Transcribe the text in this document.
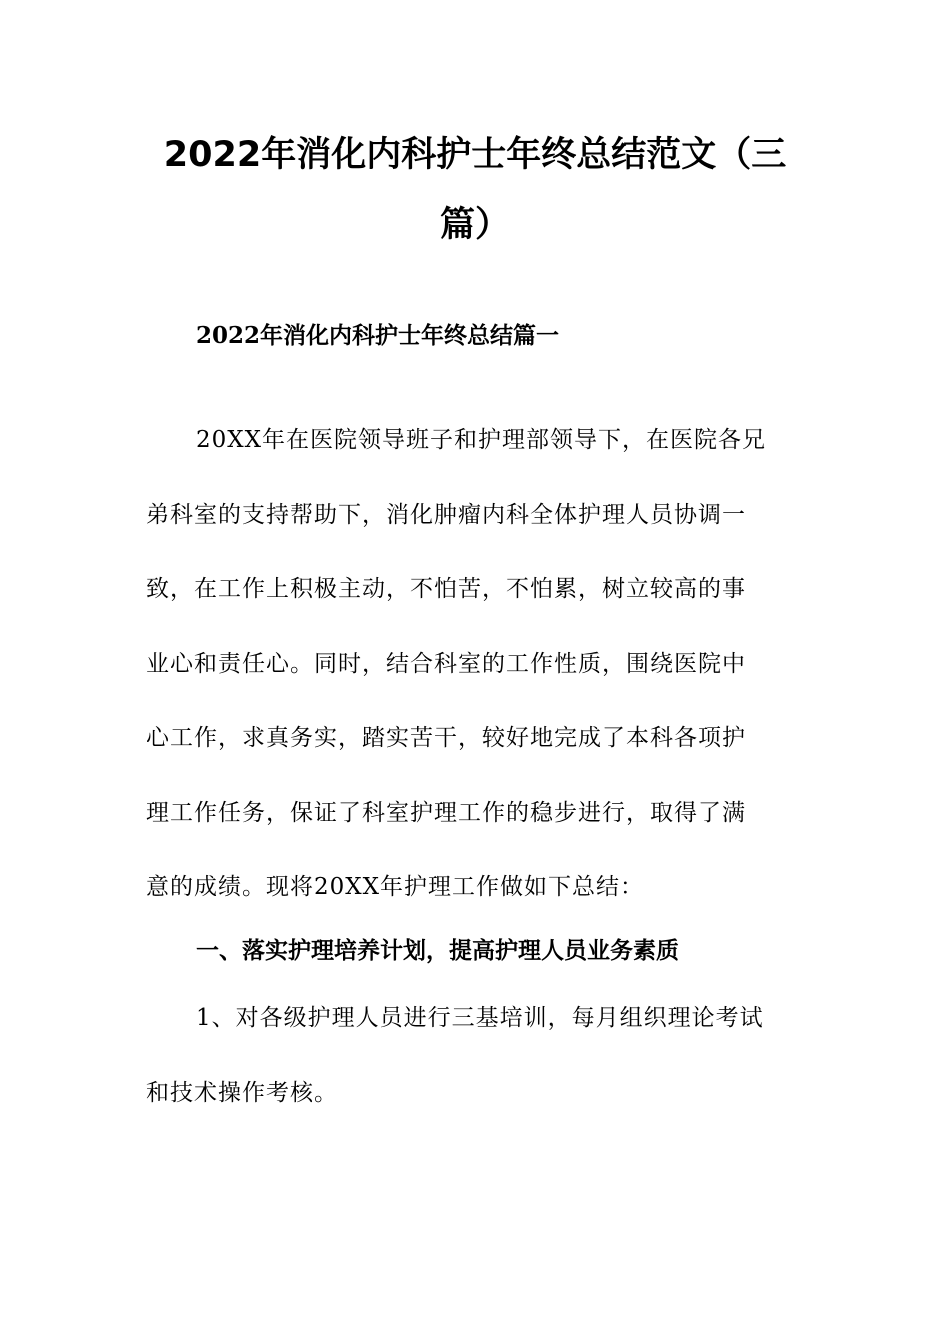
2022年消化内科护士年终总结范文（三
篇）
2022年消化内科护士年终总结篇一

20XX年在医院领导班子和护理部领导下，在医院各兄
弟科室的支持帮助下，消化肿瘤内科全体护理人员协调一
致，在工作上积极主动，不怕苦，不怕累，树立较高的事
业心和责任心。同时，结合科室的工作性质，围绕医院中
心工作，求真务实，踏实苦干，较好地完成了本科各项护
理工作任务，保证了科室护理工作的稳步进行，取得了满
意的成绩。现将20XX年护理工作做如下总结：

一、落实护理培养计划，提高护理人员业务素质

1、对各级护理人员进行三基培训，每月组织理论考试
和技术操作考核。
